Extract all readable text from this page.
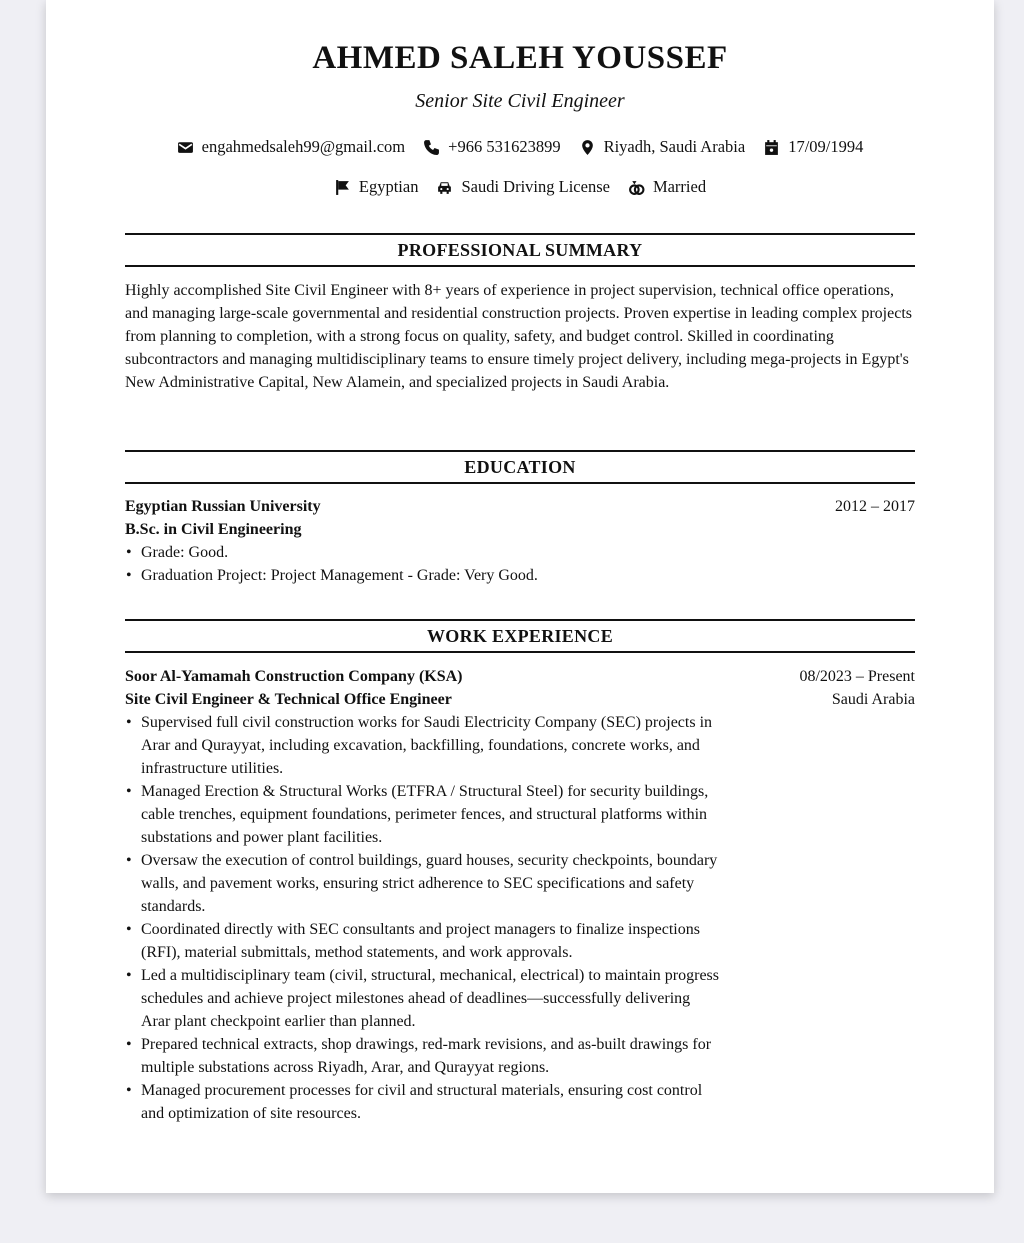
AHMED SALEH YOUSSEF
Senior Site Civil Engineer
engahmedsaleh99@gmail.com	+966 531623899	Riyadh, Saudi Arabia	17/09/1994
Egyptian	Saudi Driving License	Married
PROFESSIONAL SUMMARY
Highly accomplished Site Civil Engineer with 8+ years of experience in project supervision, technical office operations, and managing large-scale governmental and residential construction projects. Proven expertise in leading complex projects from planning to completion, with a strong focus on quality, safety, and budget control. Skilled in coordinating subcontractors and managing multidisciplinary teams to ensure timely project delivery, including mega-projects in Egypt's New Administrative Capital, New Alamein, and specialized projects in Saudi Arabia.
EDUCATION
Egyptian Russian University	2012 – 2017
B.Sc. in Civil Engineering
• Grade: Good.
• Graduation Project: Project Management - Grade: Very Good.
WORK EXPERIENCE
Soor Al-Yamamah Construction Company (KSA)	08/2023 – Present
Site Civil Engineer & Technical Office Engineer	Saudi Arabia
• Supervised full civil construction works for Saudi Electricity Company (SEC) projects in Arar and Qurayyat, including excavation, backfilling, foundations, concrete works, and infrastructure utilities.
• Managed Erection & Structural Works (ETFRA / Structural Steel) for security buildings, cable trenches, equipment foundations, perimeter fences, and structural platforms within substations and power plant facilities.
• Oversaw the execution of control buildings, guard houses, security checkpoints, boundary walls, and pavement works, ensuring strict adherence to SEC specifications and safety standards.
• Coordinated directly with SEC consultants and project managers to finalize inspections (RFI), material submittals, method statements, and work approvals.
• Led a multidisciplinary team (civil, structural, mechanical, electrical) to maintain progress schedules and achieve project milestones ahead of deadlines—successfully delivering Arar plant checkpoint earlier than planned.
• Prepared technical extracts, shop drawings, red-mark revisions, and as-built drawings for multiple substations across Riyadh, Arar, and Qurayyat regions.
• Managed procurement processes for civil and structural materials, ensuring cost control and optimization of site resources.
